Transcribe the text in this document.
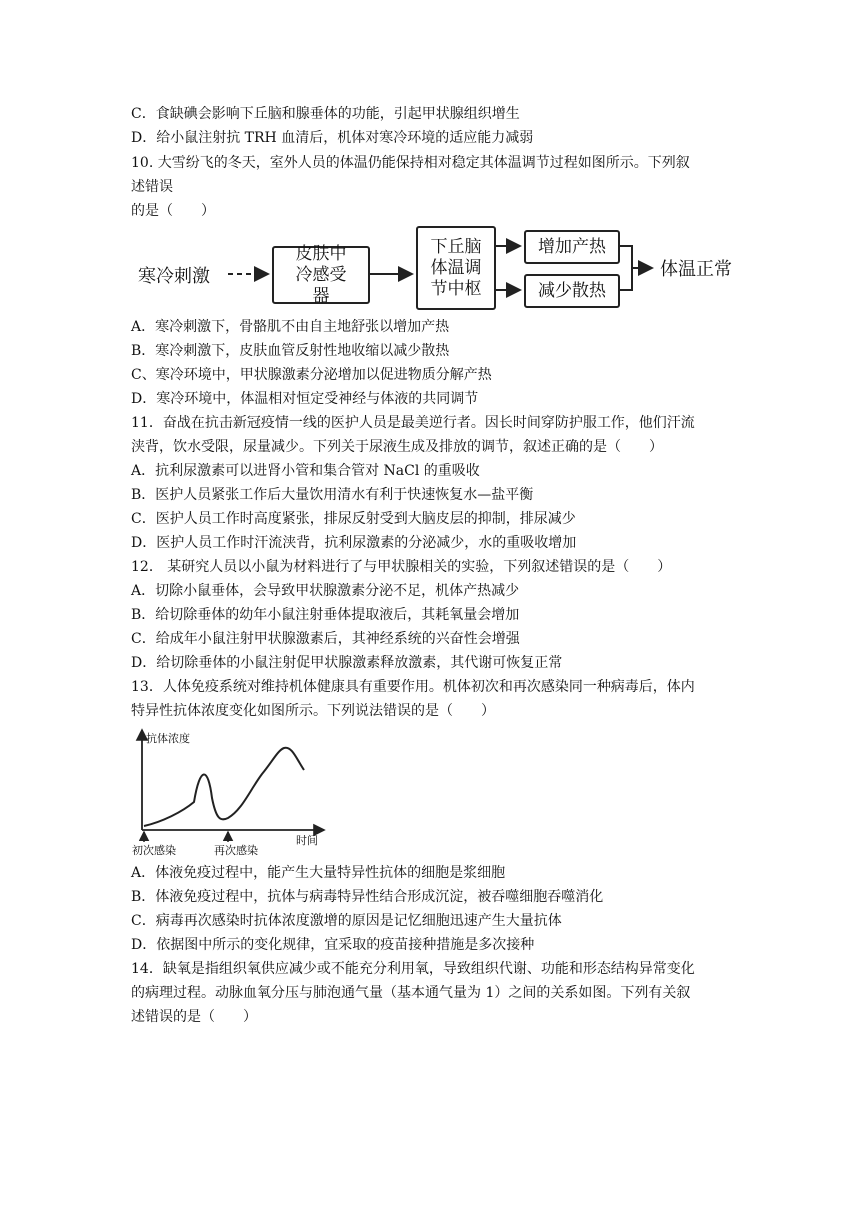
C．食缺碘会影响下丘脑和腺垂体的功能，引起甲状腺组织增生
D．给小鼠注射抗 TRH 血清后，机体对寒冷环境的适应能力减弱
10. 大雪纷飞的冬天，室外人员的体温仍能保持相对稳定其体温调节过程如图所示。下列叙
述错误
的是（　　）
A．寒冷刺激下，骨骼肌不由自主地舒张以增加产热
B．寒冷刺激下，皮肤血管反射性地收缩以减少散热
C、寒冷环境中，甲状腺激素分泌增加以促进物质分解产热
D．寒冷环境中，体温相对恒定受神经与体液的共同调节
11．奋战在抗击新冠疫情一线的医护人员是最美逆行者。因长时间穿防护服工作，他们汗流
浃背，饮水受限，尿量减少。下列关于尿液生成及排放的调节，叙述正确的是（　　）
A．抗利尿激素可以进肾小管和集合管对 NaCl 的重吸收
B．医护人员紧张工作后大量饮用清水有利于快速恢复水—盐平衡
C．医护人员工作时高度紧张，排尿反射受到大脑皮层的抑制，排尿减少
D．医护人员工作时汗流浃背，抗利尿激素的分泌减少，水的重吸收增加
12． 某研究人员以小鼠为材料进行了与甲状腺相关的实验，下列叙述错误的是（　　）
A．切除小鼠垂体，会导致甲状腺激素分泌不足，机体产热减少
B．给切除垂体的幼年小鼠注射垂体提取液后，其耗氧量会增加
C．给成年小鼠注射甲状腺激素后，其神经系统的兴奋性会增强
D．给切除垂体的小鼠注射促甲状腺激素释放激素，其代谢可恢复正常
13．人体免疫系统对维持机体健康具有重要作用。机体初次和再次感染同一种病毒后，体内
特异性抗体浓度变化如图所示。下列说法错误的是（　　）
A．体液免疫过程中，能产生大量特异性抗体的细胞是浆细胞
B．体液免疫过程中，抗体与病毒特异性结合形成沉淀，被吞噬细胞吞噬消化
C．病毒再次感染时抗体浓度激增的原因是记忆细胞迅速产生大量抗体
D．依据图中所示的变化规律，宜采取的疫苗接种措施是多次接种
14．缺氧是指组织氧供应减少或不能充分利用氧，导致组织代谢、功能和形态结构异常变化
的病理过程。动脉血氧分压与肺泡通气量（基本通气量为 1）之间的关系如图。下列有关叙
述错误的是（　　）
寒冷刺激
皮肤中冷感受器
下丘脑体温调节中枢
增加产热
减少散热
体温正常
抗体浓度
时间
初次感染	再次感染
